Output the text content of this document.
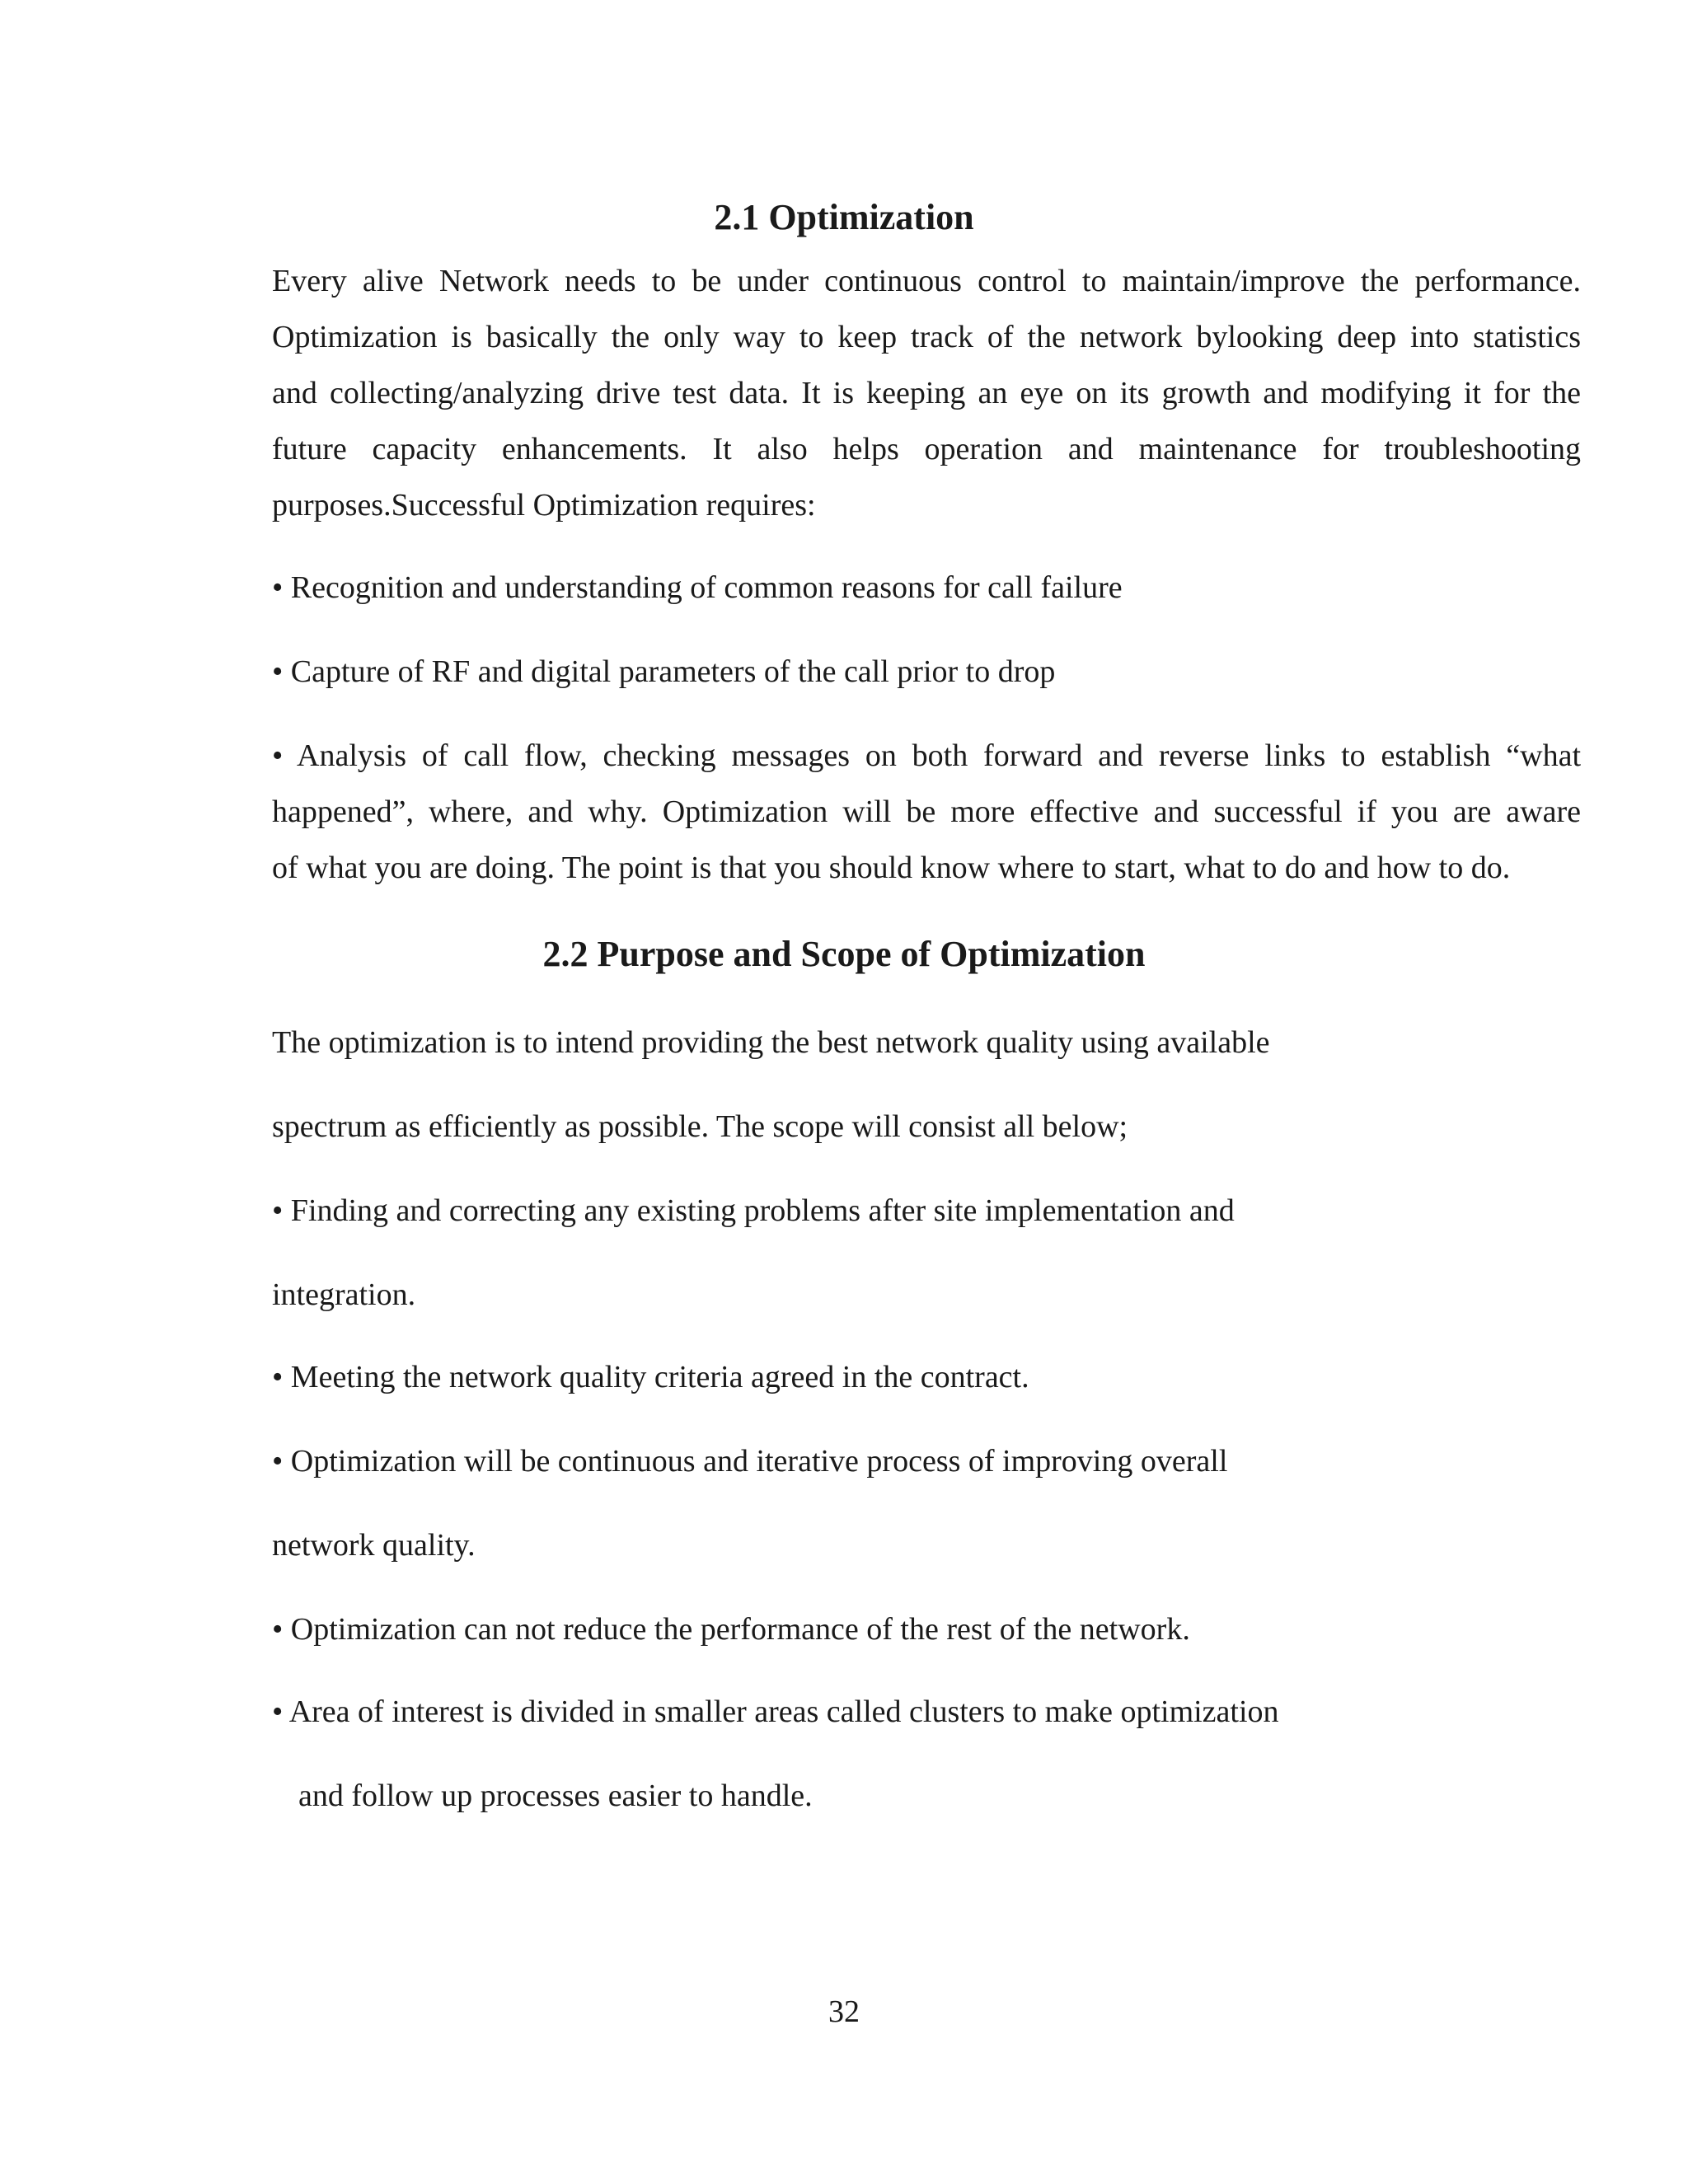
2.1 Optimization

Every alive Network needs to be under continuous control to maintain/improve the performance.

Optimization is basically the only way to keep track of the network bylooking deep into statistics

and collecting/analyzing drive test data. It is keeping an eye on its growth and modifying it for the

future capacity enhancements. It also helps operation and maintenance for troubleshooting

purposes.Successful Optimization requires:

• Recognition and understanding of common reasons for call failure

• Capture of RF and digital parameters of the call prior to drop

• Analysis of call flow, checking messages on both forward and reverse links to establish “what

happened”, where, and why. Optimization will be more effective and successful if you are aware

of what you are doing. The point is that you should know where to start, what to do and how to do.

2.2 Purpose and Scope of Optimization

The optimization is to intend providing the best network quality using available

spectrum as efficiently as possible. The scope will consist all below;

• Finding and correcting any existing problems after site implementation and

integration.

• Meeting the network quality criteria agreed in the contract.

• Optimization will be continuous and iterative process of improving overall

network quality.

• Optimization can not reduce the performance of the rest of the network.

• Area of interest is divided in smaller areas called clusters to make optimization

and follow up processes easier to handle.

32
